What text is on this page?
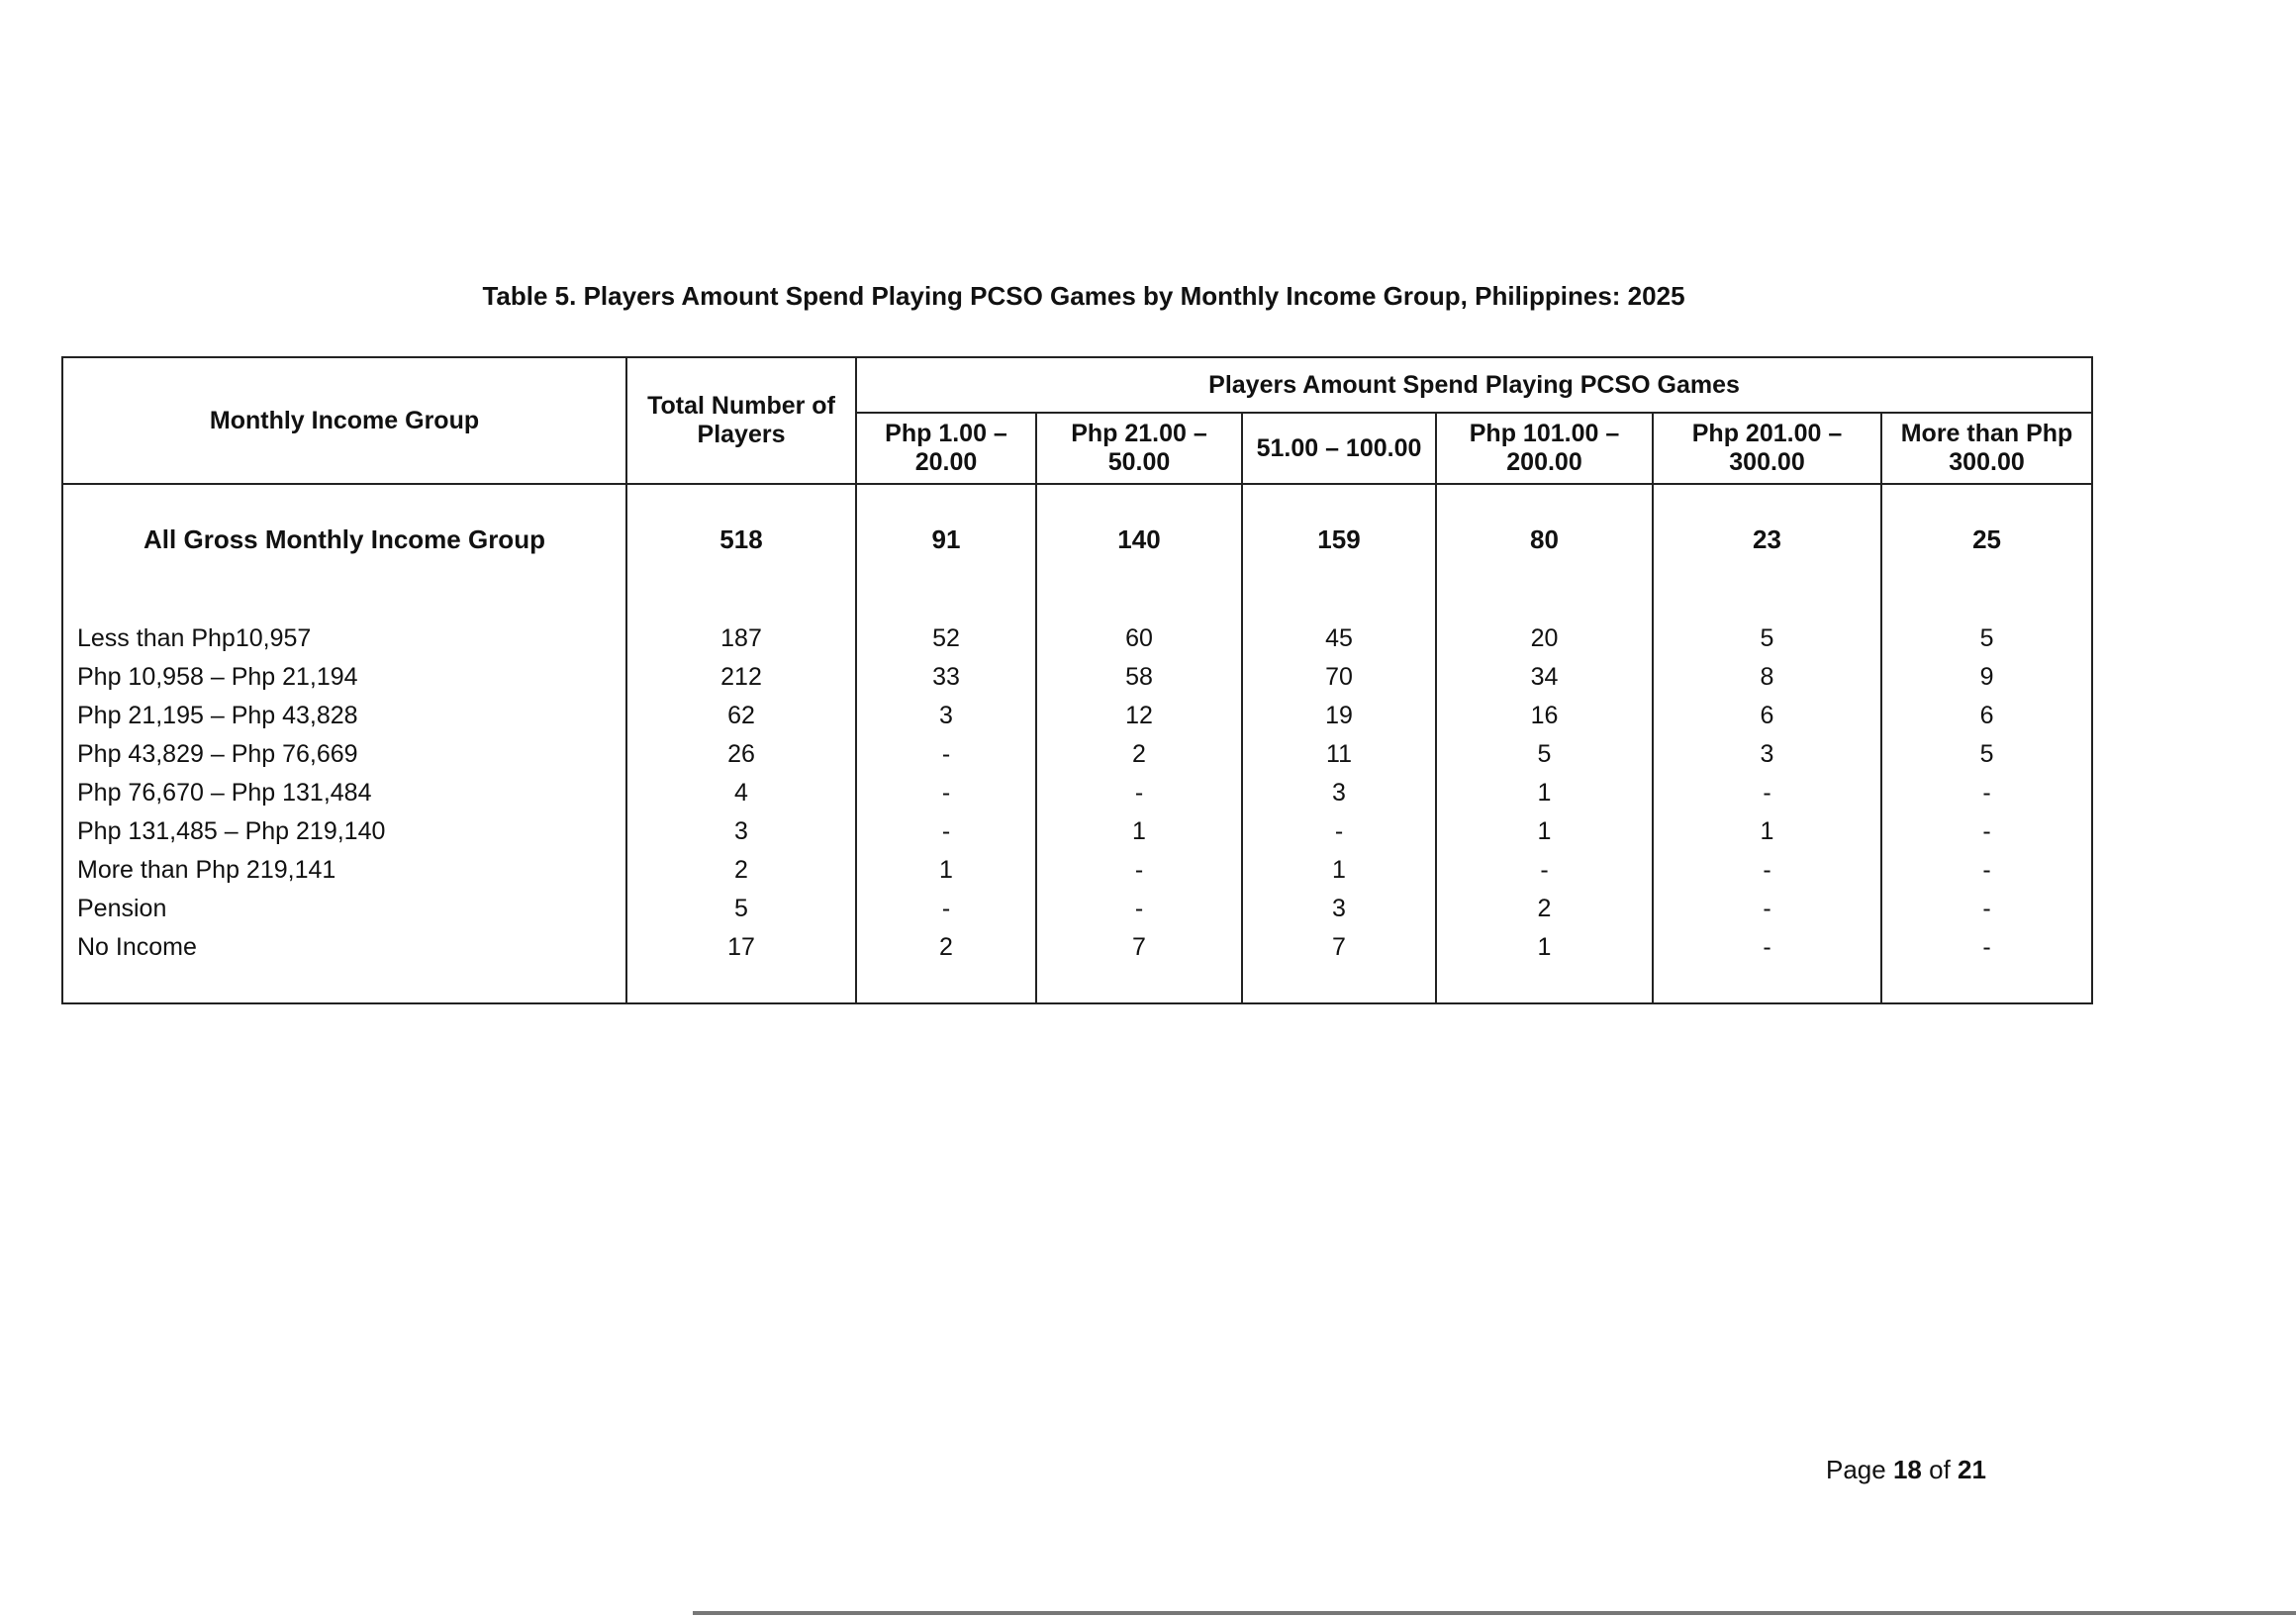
Table 5. Players Amount Spend Playing PCSO Games by Monthly Income Group, Philippines: 2025
Monthly Income Group	Total Number of Players	Players Amount Spend Playing PCSO Games					
		Php 1.00 – 20.00	Php 21.00 – 50.00	51.00 – 100.00	Php 101.00 – 200.00	Php 201.00 – 300.00	More than Php 300.00
All Gross Monthly Income Group	518	91	140	159	80	23	25
Less than Php10,957	187	52	60	45	20	5	5
Php 10,958 – Php 21,194	212	33	58	70	34	8	9
Php 21,195 – Php 43,828	62	3	12	19	16	6	6
Php 43,829 – Php 76,669	26	-	2	11	5	3	5
Php 76,670 – Php 131,484	4	-	-	3	1	-	-
Php 131,485 – Php 219,140	3	-	1	-	1	1	-
More than Php 219,141	2	1	-	1	-	-	-
Pension	5	-	-	3	2	-	-
No Income	17	2	7	7	1	-	-
Page 18 of 21
